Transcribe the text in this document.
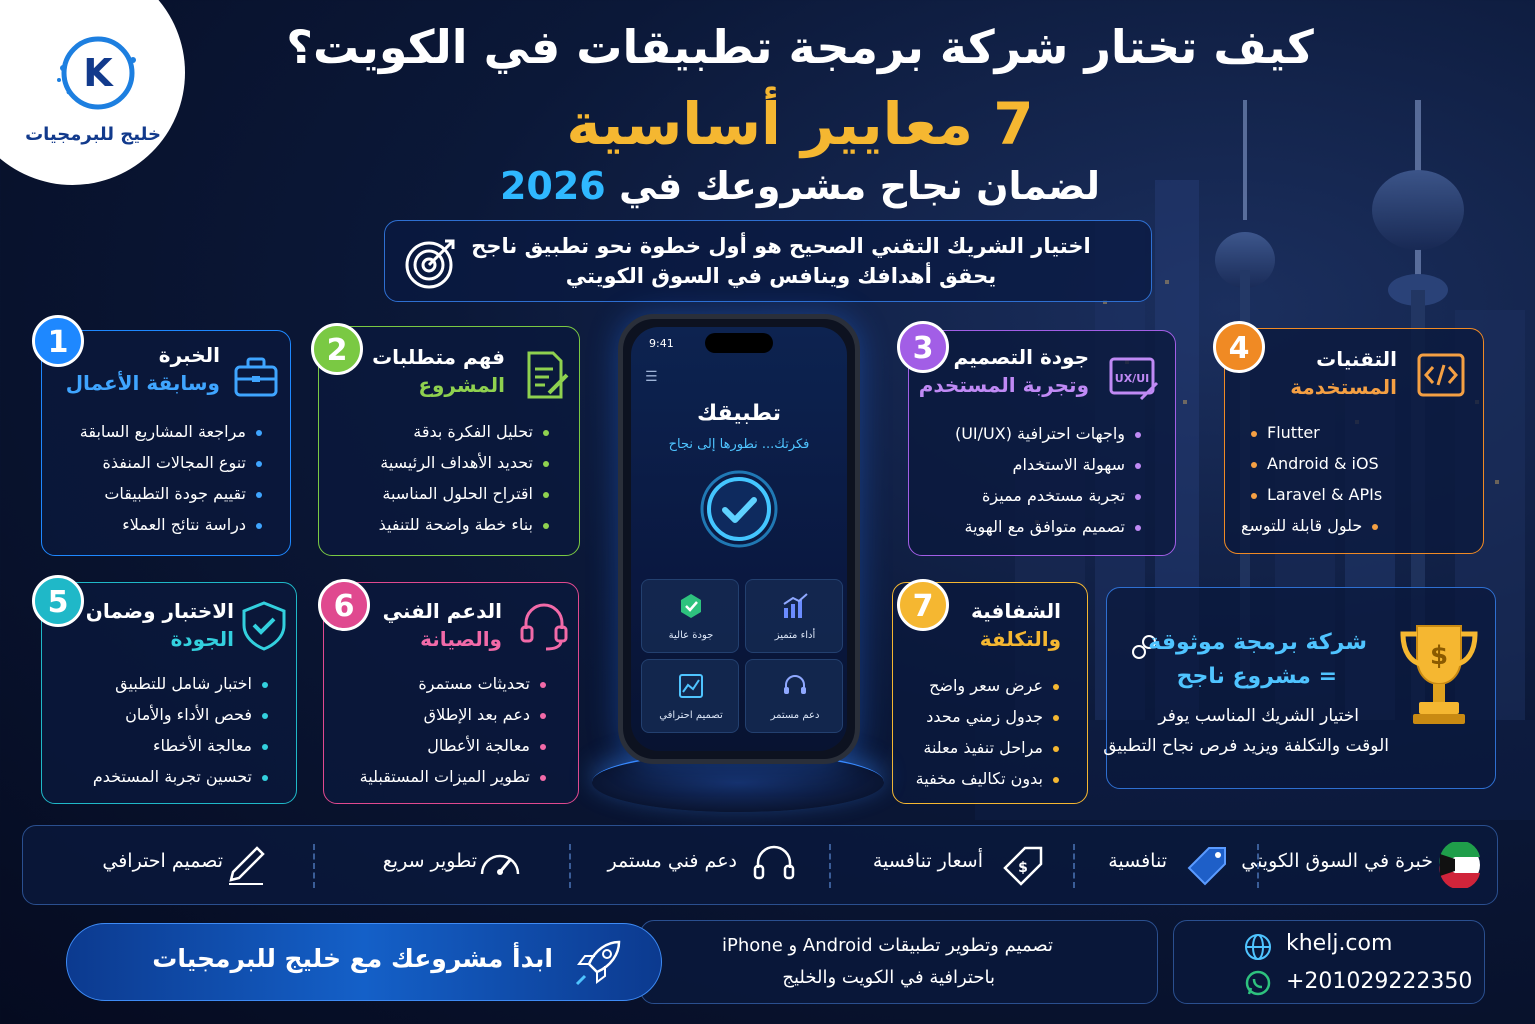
K
خليج للبرمجيات
كيف تختار شركة برمجة تطبيقات في الكويت؟
7 معايير أساسية
لضمان نجاح مشروعك في 2026
اختيار الشريك التقني الصحيح هو أول خطوة نحو تطبيق ناجح
يحقق أهدافك وينافس في السوق الكويتي
1	الخبرة
وسابقة الأعمال
مراجعة المشاريع السابقة
تنوع المجالات المنفذة
تقييم جودة التطبيقات
دراسة نتائج العملاء
2	فهم متطلبات
المشروع
تحليل الفكرة بدقة
تحديد الأهداف الرئيسية
اقتراح الحلول المناسبة
بناء خطة واضحة للتنفيذ
3
UX/UI
جودة التصميم
وتجربة المستخدم
واجهات احترافية (UI/UX)
سهولة الاستخدام
تجربة مستخدم مميزة
تصميم متوافق مع الهوية
4	التقنيات
المستخدمة
Flutter
Android & iOS
Laravel & APIs
حلول قابلة للتوسع
5 الاختبار وضمان
الجودة
اختبار شامل للتطبيق
فحص الأداء والأمان
معالجة الأخطاء
تحسين تجربة المستخدم
6	الدعم الفني
والصيانة
تحديثات مستمرة
دعم بعد الإطلاق
معالجة الأعطال
تطوير الميزات المستقبلية
7	الشفافية
والتكلفة
عرض سعر واضح
جدول زمني محدد
مراحل تنفيذ معلنة
بدون تكاليف مخفية
9:41
☰
تطبيقك
فكرتك... نطورها إلى نجاح
جودة عالية	أداء متميز
تصميم احترافي	دعم مستمر
$
شركة برمجة موثوقة
= مشروع ناجح
اختيار الشريك المناسب يوفر
الوقت والتكلفة ويزيد فرص نجاح التطبيق
خبرة في السوق الكويتي
تنافسية
$
أسعار تنافسية
دعم فني مستمر
تطوير سريع
تصميم احترافي
تصميم وتطوير تطبيقات Android و iPhone
باحترافية في الكويت والخليج
ابدأ مشروعك مع خليج للبرمجيات
khelj.com
+201029222350
